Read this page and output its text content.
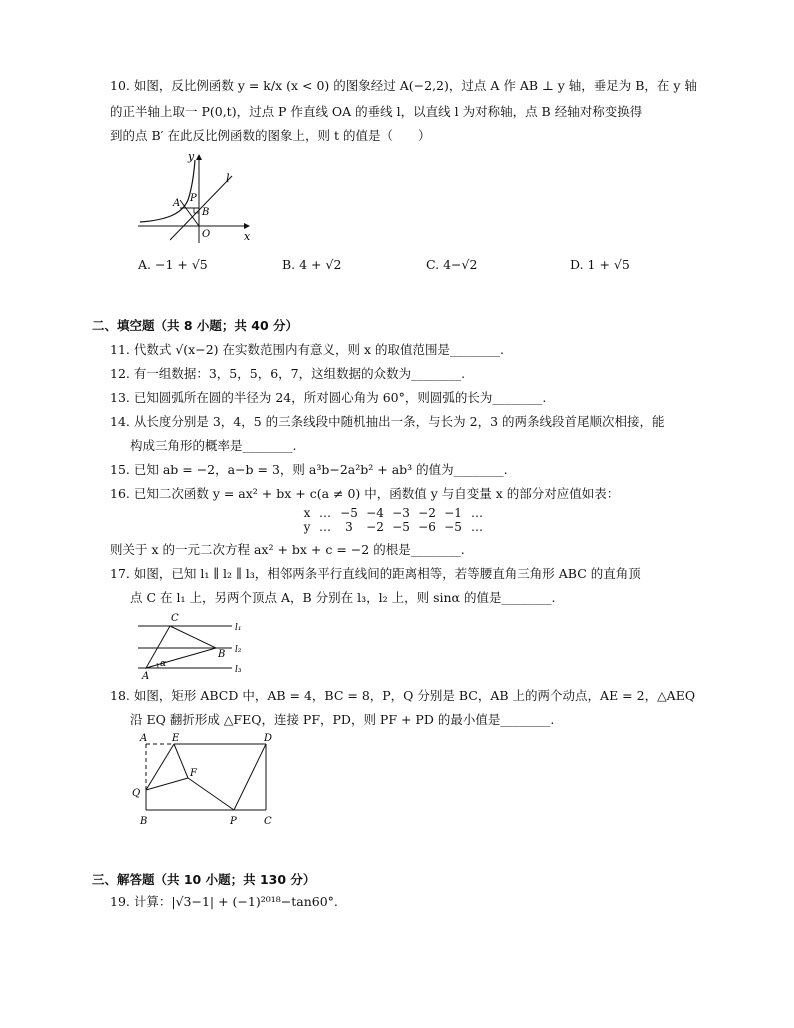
10. 如图，反比例函数 y = k/x (x < 0) 的图象经过 A(−2,2)，过点 A 作 AB ⊥ y 轴，垂足为 B，在 y 轴
的正半轴上取一 P(0,t)，过点 P 作直线 OA 的垂线 l，以直线 l 为对称轴，点 B 经轴对称变换得
到的点 B′ 在此反比例函数的图象上，则 t 的值是（　　）
y
x
l
A P
B
O
A. −1 + √5	B. 4 + √2	C. 4−√2	D. 1 + √5
二、填空题（共 8 小题；共 40 分）
11. 代数式 √(x−2) 在实数范围内有意义，则 x 的取值范围是________.
12. 有一组数据：3，5，5，6，7，这组数据的众数为________.
13. 已知圆弧所在圆的半径为 24，所对圆心角为 60°，则圆弧的长为________.
14. 从长度分别是 3，4，5 的三条线段中随机抽出一条，与长为 2，3 的两条线段首尾顺次相接，能
构成三角形的概率是________.
15. 已知 ab = −2，a−b = 3，则 a³b−2a²b² + ab³ 的值为________.
16. 已知二次函数 y = ax² + bx + c(a ≠ 0) 中，函数值 y 与自变量 x 的部分对应值如表：
x … −5 −4 −3 −2 −1 …
y … 3 −2 −5 −6 −5 …
则关于 x 的一元二次方程 ax² + bx + c = −2 的根是________.
17. 如图，已知 l₁ ∥ l₂ ∥ l₃，相邻两条平行直线间的距离相等，若等腰直角三角形 ABC 的直角顶
点 C 在 l₁ 上，另两个顶点 A，B 分别在 l₃，l₂ 上，则 sinα 的值是________.
C
B
A
α
l₁
l₂
l₃
18. 如图，矩形 ABCD 中，AB = 4，BC = 8，P，Q 分别是 BC，AB 上的两个动点，AE = 2，△AEQ
沿 EQ 翻折形成 △FEQ，连接 PF，PD，则 PF + PD 的最小值是________.
A E	D
F
Q
B	P	C
三、解答题（共 10 小题；共 130 分）
19. 计算：|√3−1| + (−1)²⁰¹⁸−tan60°.
